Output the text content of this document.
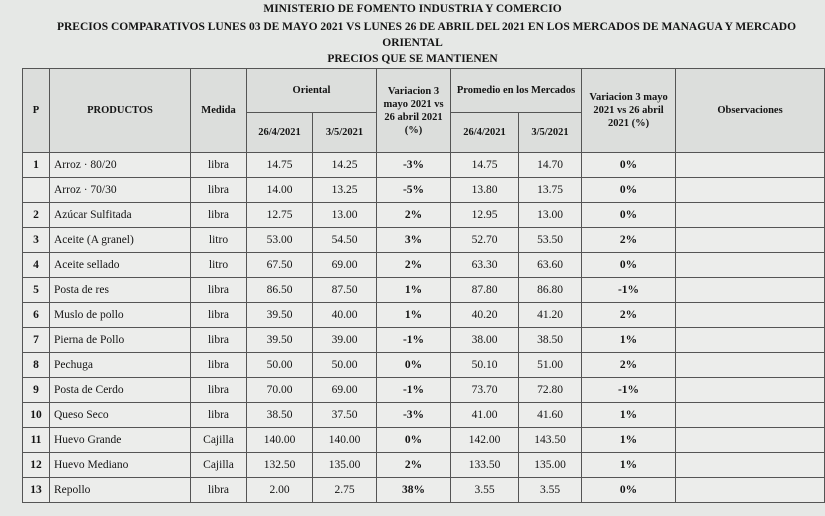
MINISTERIO DE FOMENTO INDUSTRIA Y COMERCIO
PRECIOS COMPARATIVOS LUNES 03 DE MAYO 2021 VS LUNES 26 DE ABRIL DEL 2021 EN LOS MERCADOS DE MANAGUA Y MERCADO
ORIENTAL
PRECIOS QUE SE MANTIENEN
P	PRODUCTOS	Medida	Oriental		Variacion 3 mayo 2021 vs 26 abril 2021 (%)	Promedio en los Mercados		Variacion 3 mayo 2021 vs 26 abril 2021 (%)	Observaciones
			26/4/2021	3/5/2021		26/4/2021	3/5/2021		
1	Arroz · 80/20	libra	14.75	14.25	-3%	14.75	14.70	0%	
	Arroz · 70/30	libra	14.00	13.25	-5%	13.80	13.75	0%	
2	Azúcar Sulfitada	libra	12.75	13.00	2%	12.95	13.00	0%	
3	Aceite (A granel)	litro	53.00	54.50	3%	52.70	53.50	2%	
4	Aceite sellado	litro	67.50	69.00	2%	63.30	63.60	0%	
5	Posta de res	libra	86.50	87.50	1%	87.80	86.80	-1%	
6	Muslo de pollo	libra	39.50	40.00	1%	40.20	41.20	2%	
7	Pierna de Pollo	libra	39.50	39.00	-1%	38.00	38.50	1%	
8	Pechuga	libra	50.00	50.00	0%	50.10	51.00	2%	
9	Posta de Cerdo	libra	70.00	69.00	-1%	73.70	72.80	-1%	
10	Queso Seco	libra	38.50	37.50	-3%	41.00	41.60	1%	
11	Huevo Grande	Cajilla	140.00	140.00	0%	142.00	143.50	1%	
12	Huevo Mediano	Cajilla	132.50	135.00	2%	133.50	135.00	1%	
13	Repollo	libra	2.00	2.75	38%	3.55	3.55	0%	
